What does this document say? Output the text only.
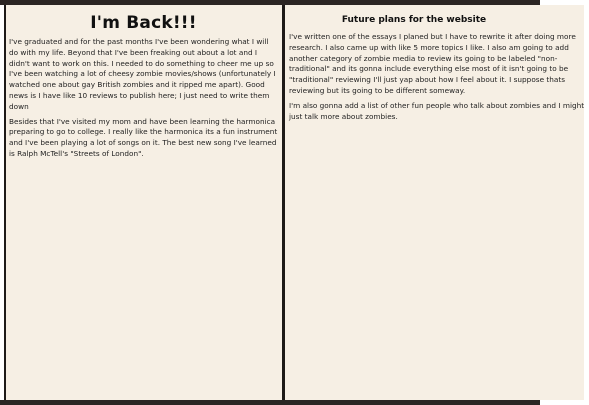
I'm Back!!!

I've graduated and for the past months I've been wondering what I will do with my life. Beyond that I've been freaking out about a lot and I didn't want to work on this. I needed to do something to cheer me up so I've been watching a lot of cheesy zombie movies/shows (unfortunately I watched one about gay British zombies and it ripped me apart). Good news is I have like 10 reviews to publish here; I just need to write them down

Besides that I've visited my mom and have been learning the harmonica preparing to go to college. I really like the harmonica its a fun instrument and I've been playing a lot of songs on it. The best new song I've learned is Ralph McTell's "Streets of London".

Future plans for the website

I've written one of the essays I planed but I have to rewrite it after doing more research. I also came up with like 5 more topics I like. I also am going to add another category of zombie media to review its going to be labeled "non-traditional" and its gonna include everything else most of it isn't going to be "traditional" reviewing I'll just yap about how I feel about it. I suppose thats reviewing but its going to be different someway.

I'm also gonna add a list of other fun people who talk about zombies and I might just talk more about zombies.
